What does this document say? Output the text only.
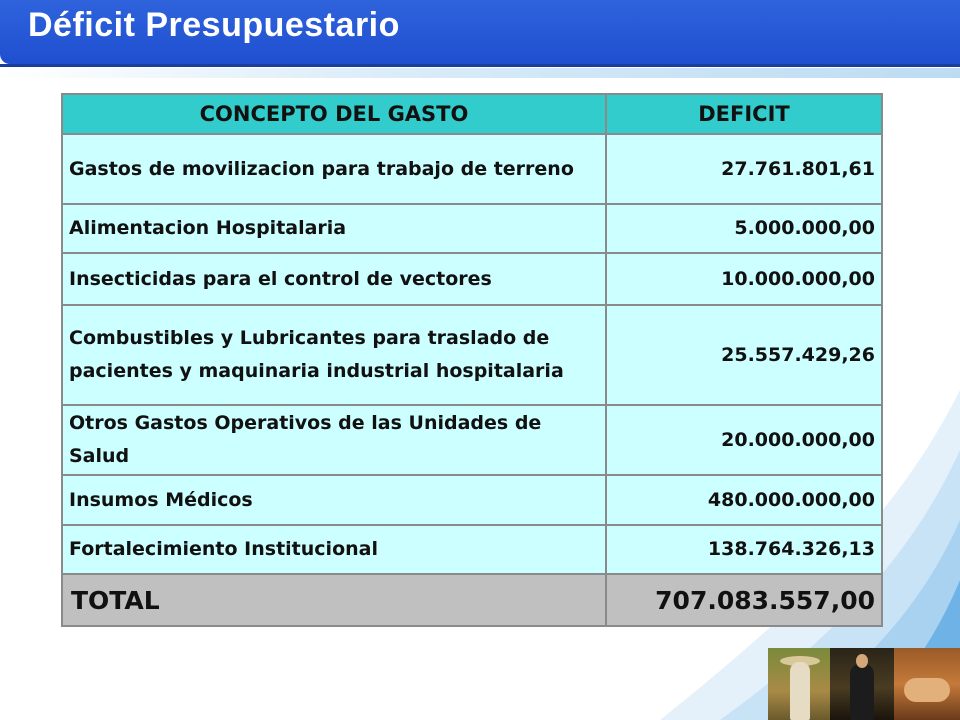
Déficit Presupuestario
CONCEPTO DEL GASTO	DEFICIT
Gastos de movilizacion para trabajo de terreno	27.761.801,61
Alimentacion Hospitalaria	5.000.000,00
Insecticidas para el control de vectores	10.000.000,00
Combustibles y Lubricantes para traslado de pacientes y maquinaria industrial hospitalaria	25.557.429,26
Otros Gastos Operativos de las Unidades de Salud	20.000.000,00
Insumos Médicos	480.000.000,00
Fortalecimiento Institucional	138.764.326,13
TOTAL	707.083.557,00
